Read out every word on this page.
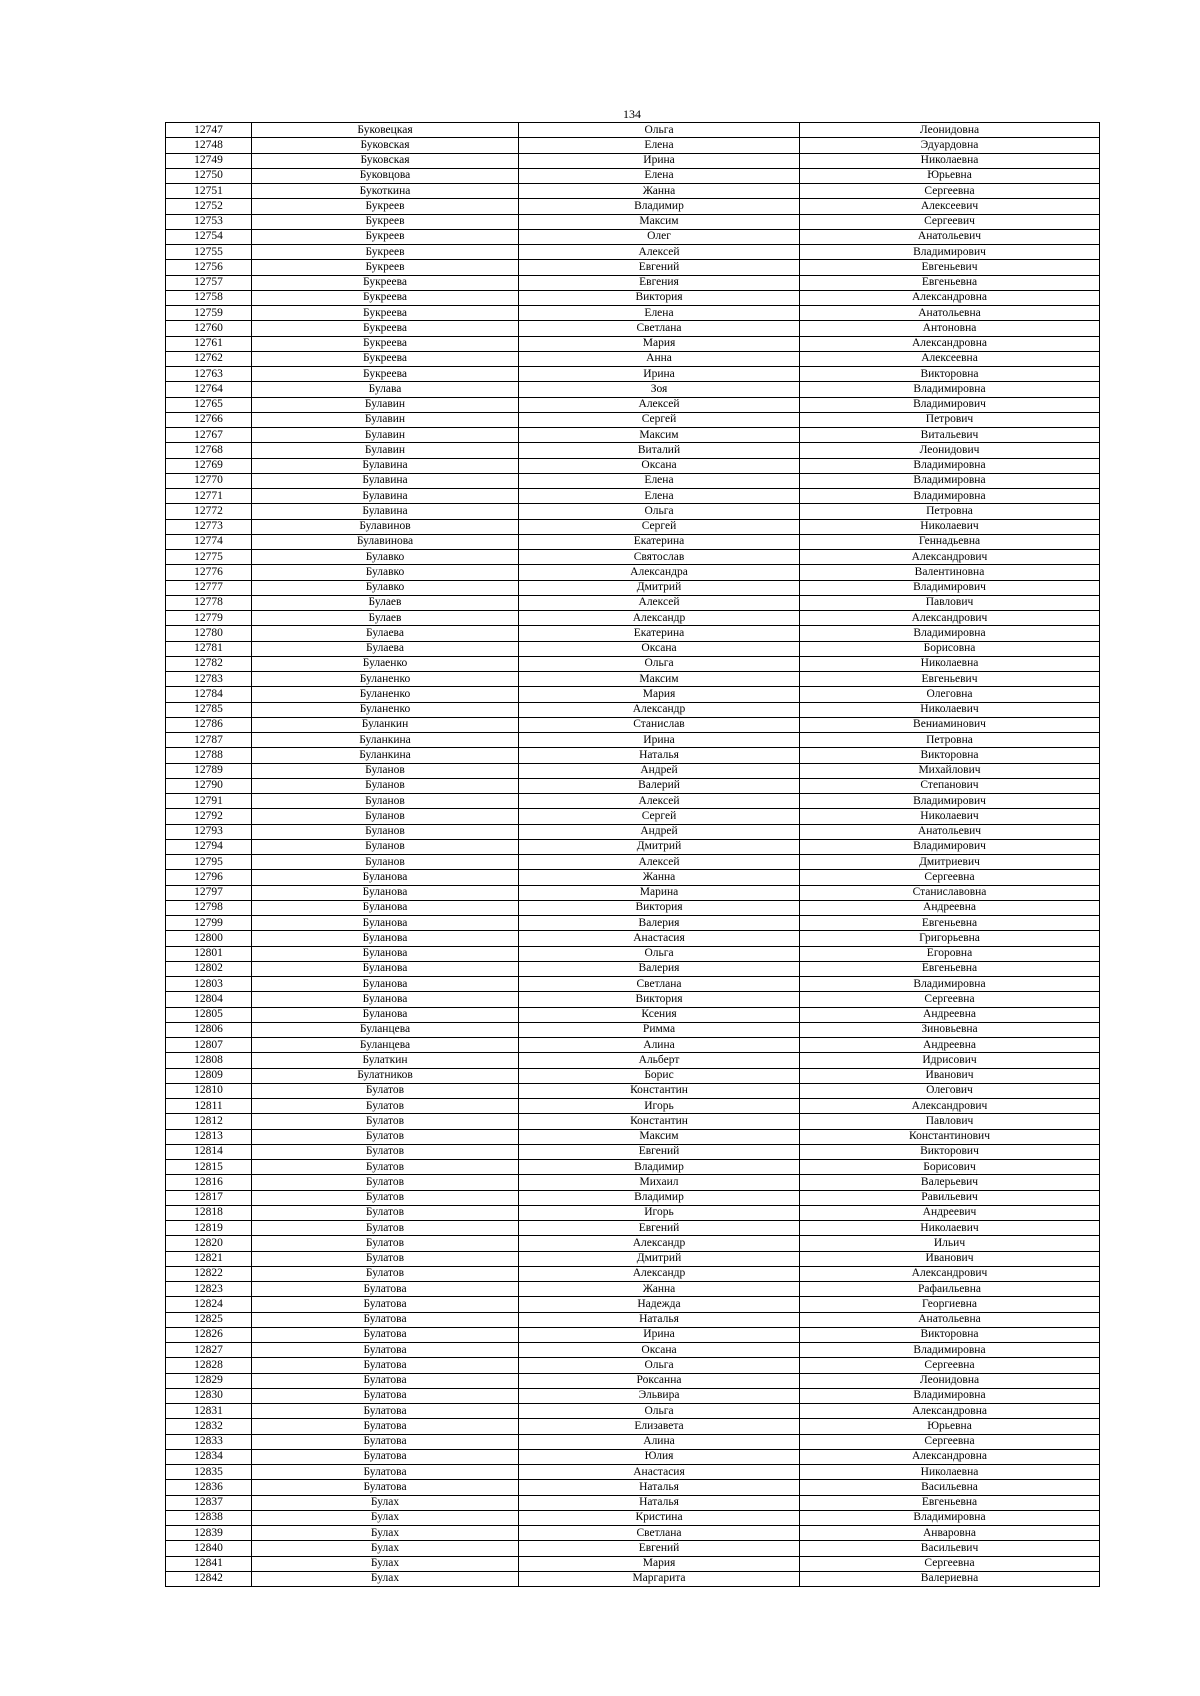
134
12747	Буковецкая	Ольга	Леонидовна
12748	Буковская	Елена	Эдуардовна
12749	Буковская	Ирина	Николаевна
12750	Буковцова	Елена	Юрьевна
12751	Букоткина	Жанна	Сергеевна
12752	Букреев	Владимир	Алексеевич
12753	Букреев	Максим	Сергеевич
12754	Букреев	Олег	Анатольевич
12755	Букреев	Алексей	Владимирович
12756	Букреев	Евгений	Евгеньевич
12757	Букреева	Евгения	Евгеньевна
12758	Букреева	Виктория	Александровна
12759	Букреева	Елена	Анатольевна
12760	Букреева	Светлана	Антоновна
12761	Букреева	Мария	Александровна
12762	Букреева	Анна	Алексеевна
12763	Букреева	Ирина	Викторовна
12764	Булава	Зоя	Владимировна
12765	Булавин	Алексей	Владимирович
12766	Булавин	Сергей	Петрович
12767	Булавин	Максим	Витальевич
12768	Булавин	Виталий	Леонидович
12769	Булавина	Оксана	Владимировна
12770	Булавина	Елена	Владимировна
12771	Булавина	Елена	Владимировна
12772	Булавина	Ольга	Петровна
12773	Булавинов	Сергей	Николаевич
12774	Булавинова	Екатерина	Геннадьевна
12775	Булавко	Святослав	Александрович
12776	Булавко	Александра	Валентиновна
12777	Булавко	Дмитрий	Владимирович
12778	Булаев	Алексей	Павлович
12779	Булаев	Александр	Александрович
12780	Булаева	Екатерина	Владимировна
12781	Булаева	Оксана	Борисовна
12782	Булаенко	Ольга	Николаевна
12783	Буланенко	Максим	Евгеньевич
12784	Буланенко	Мария	Олеговна
12785	Буланенко	Александр	Николаевич
12786	Буланкин	Станислав	Вениаминович
12787	Буланкина	Ирина	Петровна
12788	Буланкина	Наталья	Викторовна
12789	Буланов	Андрей	Михайлович
12790	Буланов	Валерий	Степанович
12791	Буланов	Алексей	Владимирович
12792	Буланов	Сергей	Николаевич
12793	Буланов	Андрей	Анатольевич
12794	Буланов	Дмитрий	Владимирович
12795	Буланов	Алексей	Дмитриевич
12796	Буланова	Жанна	Сергеевна
12797	Буланова	Марина	Станиславовна
12798	Буланова	Виктория	Андреевна
12799	Буланова	Валерия	Евгеньевна
12800	Буланова	Анастасия	Григорьевна
12801	Буланова	Ольга	Егоровна
12802	Буланова	Валерия	Евгеньевна
12803	Буланова	Светлана	Владимировна
12804	Буланова	Виктория	Сергеевна
12805	Буланова	Ксения	Андреевна
12806	Буланцева	Римма	Зиновьевна
12807	Буланцева	Алина	Андреевна
12808	Булаткин	Альберт	Идрисович
12809	Булатников	Борис	Иванович
12810	Булатов	Константин	Олегович
12811	Булатов	Игорь	Александрович
12812	Булатов	Константин	Павлович
12813	Булатов	Максим	Константинович
12814	Булатов	Евгений	Викторович
12815	Булатов	Владимир	Борисович
12816	Булатов	Михаил	Валерьевич
12817	Булатов	Владимир	Равильевич
12818	Булатов	Игорь	Андреевич
12819	Булатов	Евгений	Николаевич
12820	Булатов	Александр	Ильич
12821	Булатов	Дмитрий	Иванович
12822	Булатов	Александр	Александрович
12823	Булатова	Жанна	Рафаильевна
12824	Булатова	Надежда	Георгиевна
12825	Булатова	Наталья	Анатольевна
12826	Булатова	Ирина	Викторовна
12827	Булатова	Оксана	Владимировна
12828	Булатова	Ольга	Сергеевна
12829	Булатова	Роксанна	Леонидовна
12830	Булатова	Эльвира	Владимировна
12831	Булатова	Ольга	Александровна
12832	Булатова	Елизавета	Юрьевна
12833	Булатова	Алина	Сергеевна
12834	Булатова	Юлия	Александровна
12835	Булатова	Анастасия	Николаевна
12836	Булатова	Наталья	Васильевна
12837	Булах	Наталья	Евгеньевна
12838	Булах	Кристина	Владимировна
12839	Булах	Светлана	Анваровна
12840	Булах	Евгений	Васильевич
12841	Булах	Мария	Сергеевна
12842	Булах	Маргарита	Валериевна
